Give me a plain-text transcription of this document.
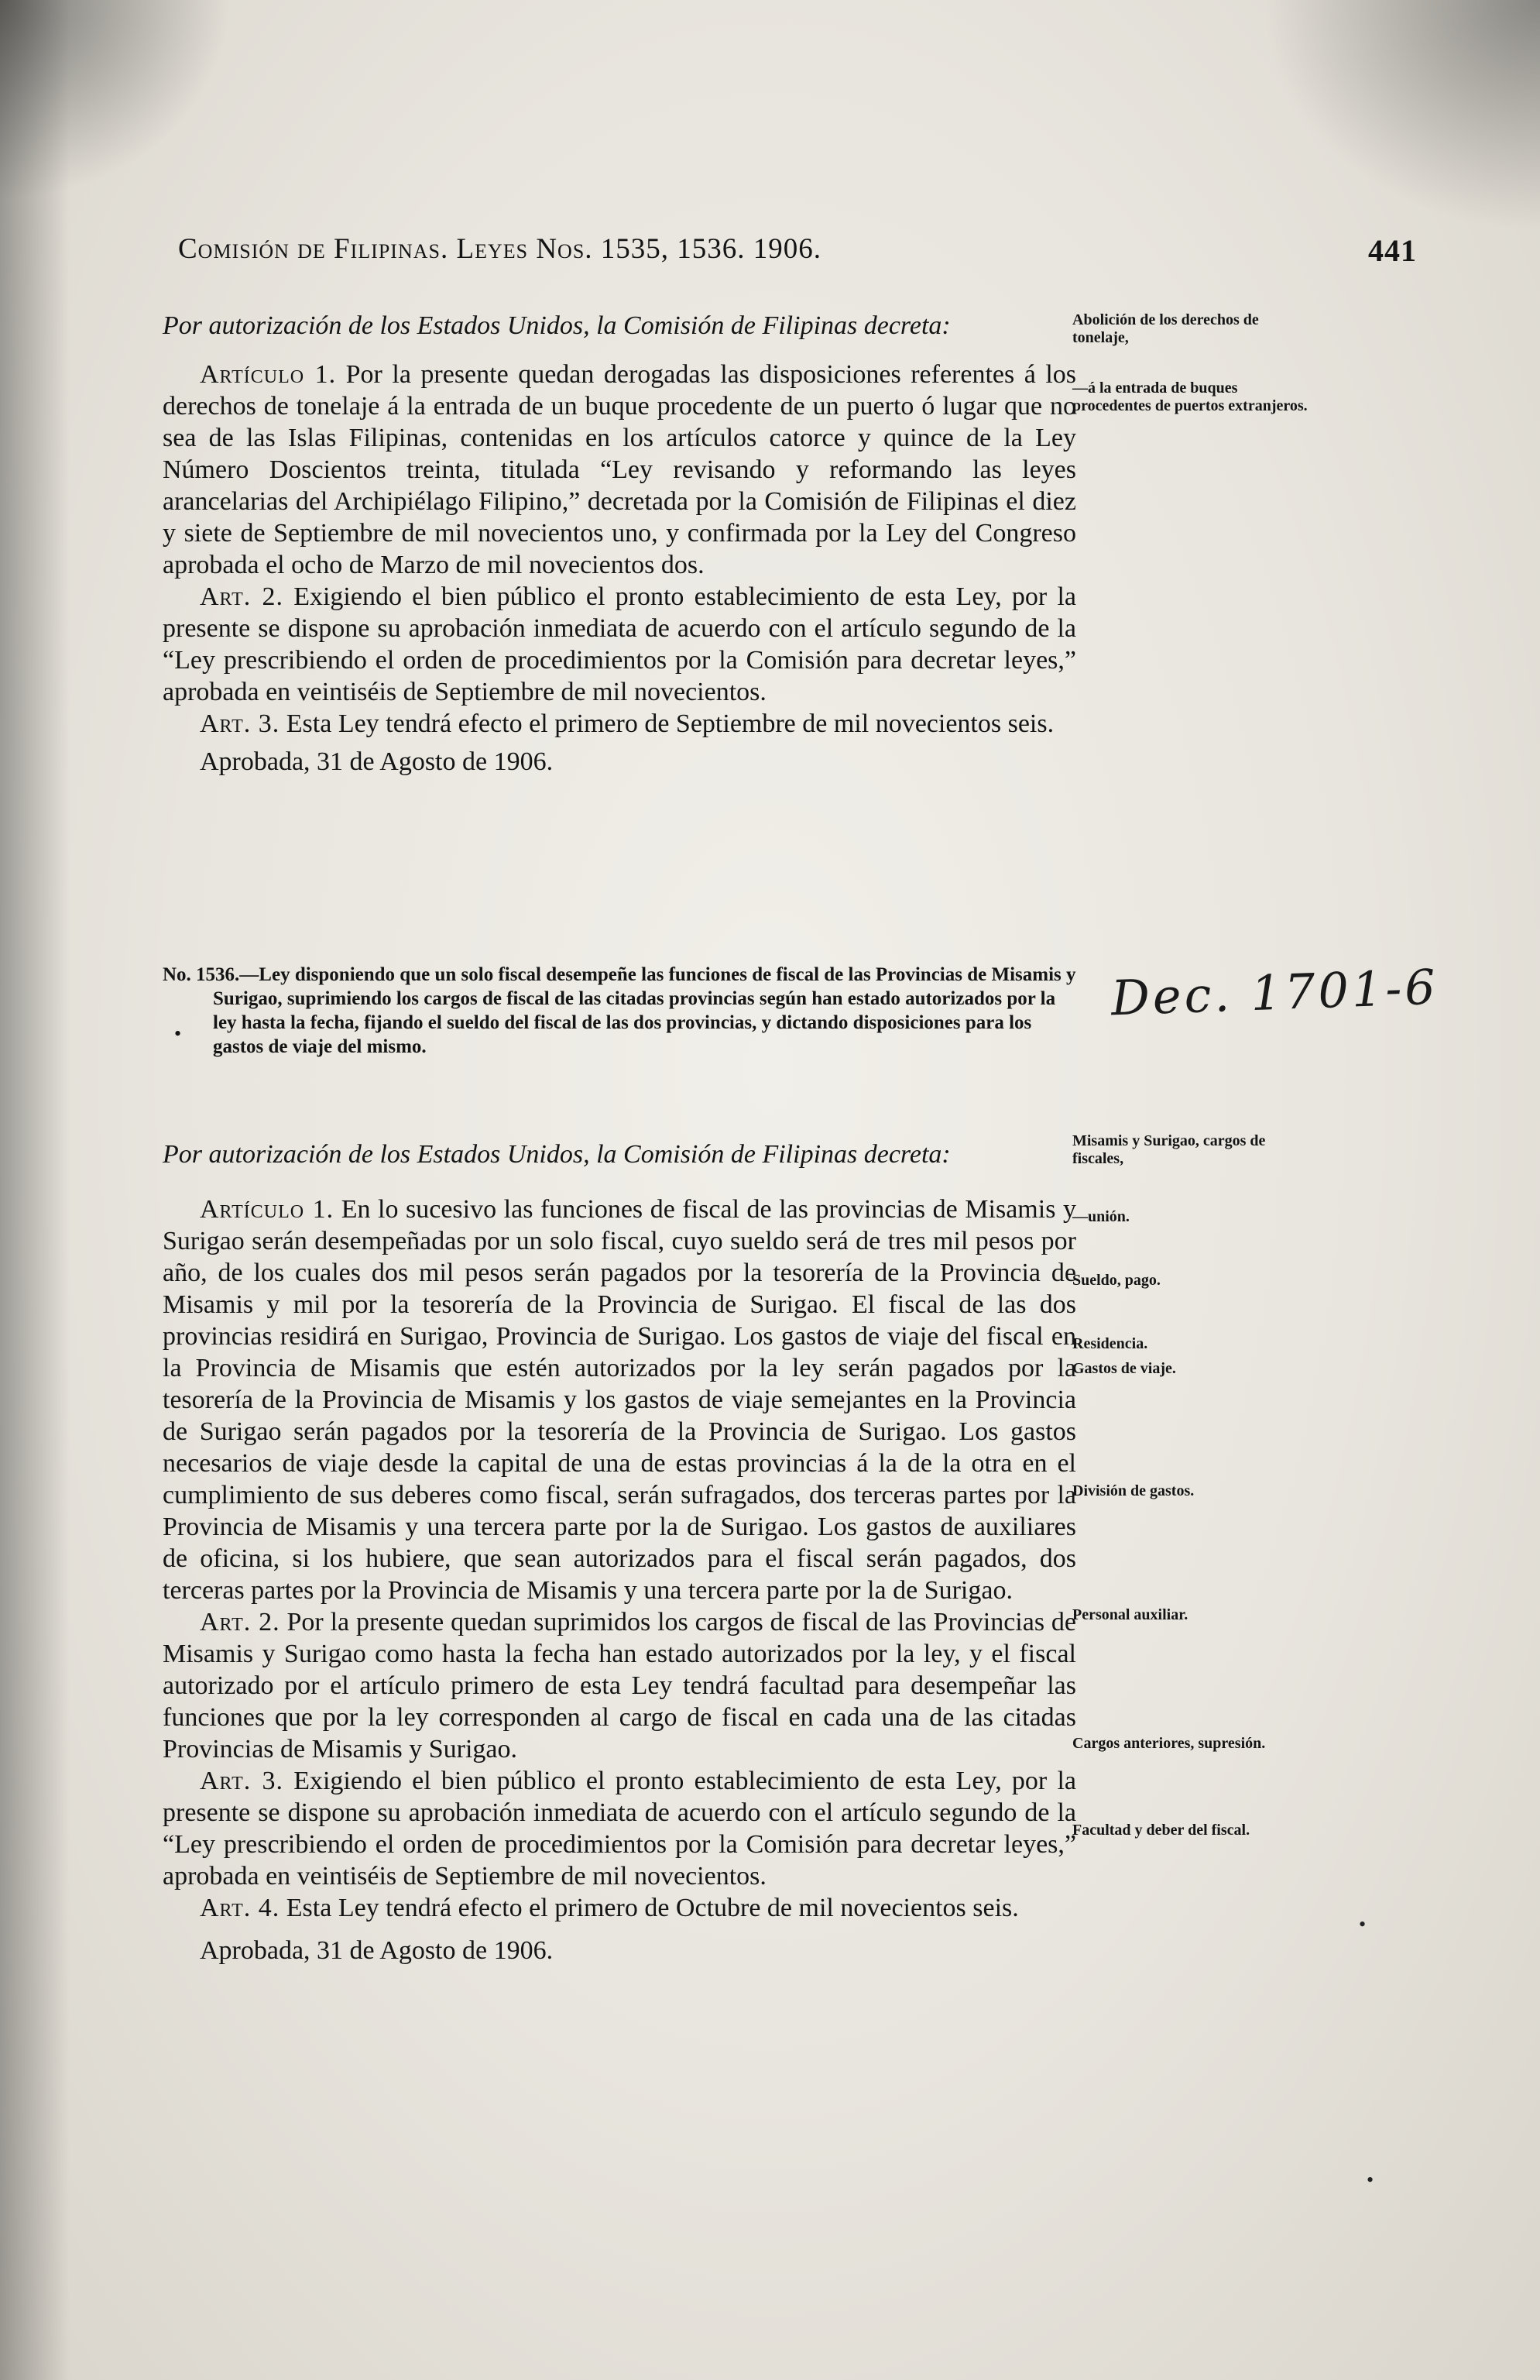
Comisión de Filipinas. Leyes Nos. 1535, 1536. 1906.	441

Por autorización de los Estados Unidos, la Comisión de Filipinas decreta:

Artículo 1. Por la presente quedan derogadas las disposiciones referentes á los derechos de tonelaje á la entrada de un buque procedente de un puerto ó lugar que no sea de las Islas Filipinas, contenidas en los artículos catorce y quince de la Ley Número Doscientos treinta, titulada “Ley revisando y reformando las leyes arancelarias del Archipiélago Filipino,” decretada por la Comisión de Filipinas el diez y siete de Septiembre de mil novecientos uno, y confirmada por la Ley del Congreso aprobada el ocho de Marzo de mil novecientos dos.

Art. 2. Exigiendo el bien público el pronto establecimiento de esta Ley, por la presente se dispone su aprobación inmediata de acuerdo con el artículo segundo de la “Ley prescribiendo el orden de procedimientos por la Comisión para decretar leyes,” aprobada en veintiséis de Septiembre de mil novecientos.

Art. 3. Esta Ley tendrá efecto el primero de Septiembre de mil novecientos seis.

Aprobada, 31 de Agosto de 1906.

Abolición de los derechos de tonelaje,
—á la entrada de buques procedentes de puertos extranjeros.

No. 1536.—Ley disponiendo que un solo fiscal desempeñe las funciones de fiscal de las Provincias de Misamis y Surigao, suprimiendo los cargos de fiscal de las citadas provincias según han estado autorizados por la ley hasta la fecha, fijando el sueldo del fiscal de las dos provincias, y dictando disposiciones para los gastos de viaje del mismo.

Dec. 1701-6
•

Por autorización de los Estados Unidos, la Comisión de Filipinas decreta:

Artículo 1. En lo sucesivo las funciones de fiscal de las provincias de Misamis y Surigao serán desempeñadas por un solo fiscal, cuyo sueldo será de tres mil pesos por año, de los cuales dos mil pesos serán pagados por la tesorería de la Provincia de Misamis y mil por la tesorería de la Provincia de Surigao. El fiscal de las dos provincias residirá en Surigao, Provincia de Surigao. Los gastos de viaje del fiscal en la Provincia de Misamis que estén autorizados por la ley serán pagados por la tesorería de la Provincia de Misamis y los gastos de viaje semejantes en la Provincia de Surigao serán pagados por la tesorería de la Provincia de Surigao. Los gastos necesarios de viaje desde la capital de una de estas provincias á la de la otra en el cumplimiento de sus deberes como fiscal, serán sufragados, dos terceras partes por la Provincia de Misamis y una tercera parte por la de Surigao. Los gastos de auxiliares de oficina, si los hubiere, que sean autorizados para el fiscal serán pagados, dos terceras partes por la Provincia de Misamis y una tercera parte por la de Surigao.

Art. 2. Por la presente quedan suprimidos los cargos de fiscal de las Provincias de Misamis y Surigao como hasta la fecha han estado autorizados por la ley, y el fiscal autorizado por el artículo primero de esta Ley tendrá facultad para desempeñar las funciones que por la ley corresponden al cargo de fiscal en cada una de las citadas Provincias de Misamis y Surigao.

Art. 3. Exigiendo el bien público el pronto establecimiento de esta Ley, por la presente se dispone su aprobación inmediata de acuerdo con el artículo segundo de la “Ley prescribiendo el orden de procedimientos por la Comisión para decretar leyes,” aprobada en veintiséis de Septiembre de mil novecientos.

Art. 4. Esta Ley tendrá efecto el primero de Octubre de mil novecientos seis.

Aprobada, 31 de Agosto de 1906.

Misamis y Surigao, cargos de fiscales,
—unión.
Sueldo, pago.
Residencia.
Gastos de viaje.
División de gastos.
Personal auxiliar.
Cargos anteriores, supresión.
Facultad y deber del fiscal.
•
•
